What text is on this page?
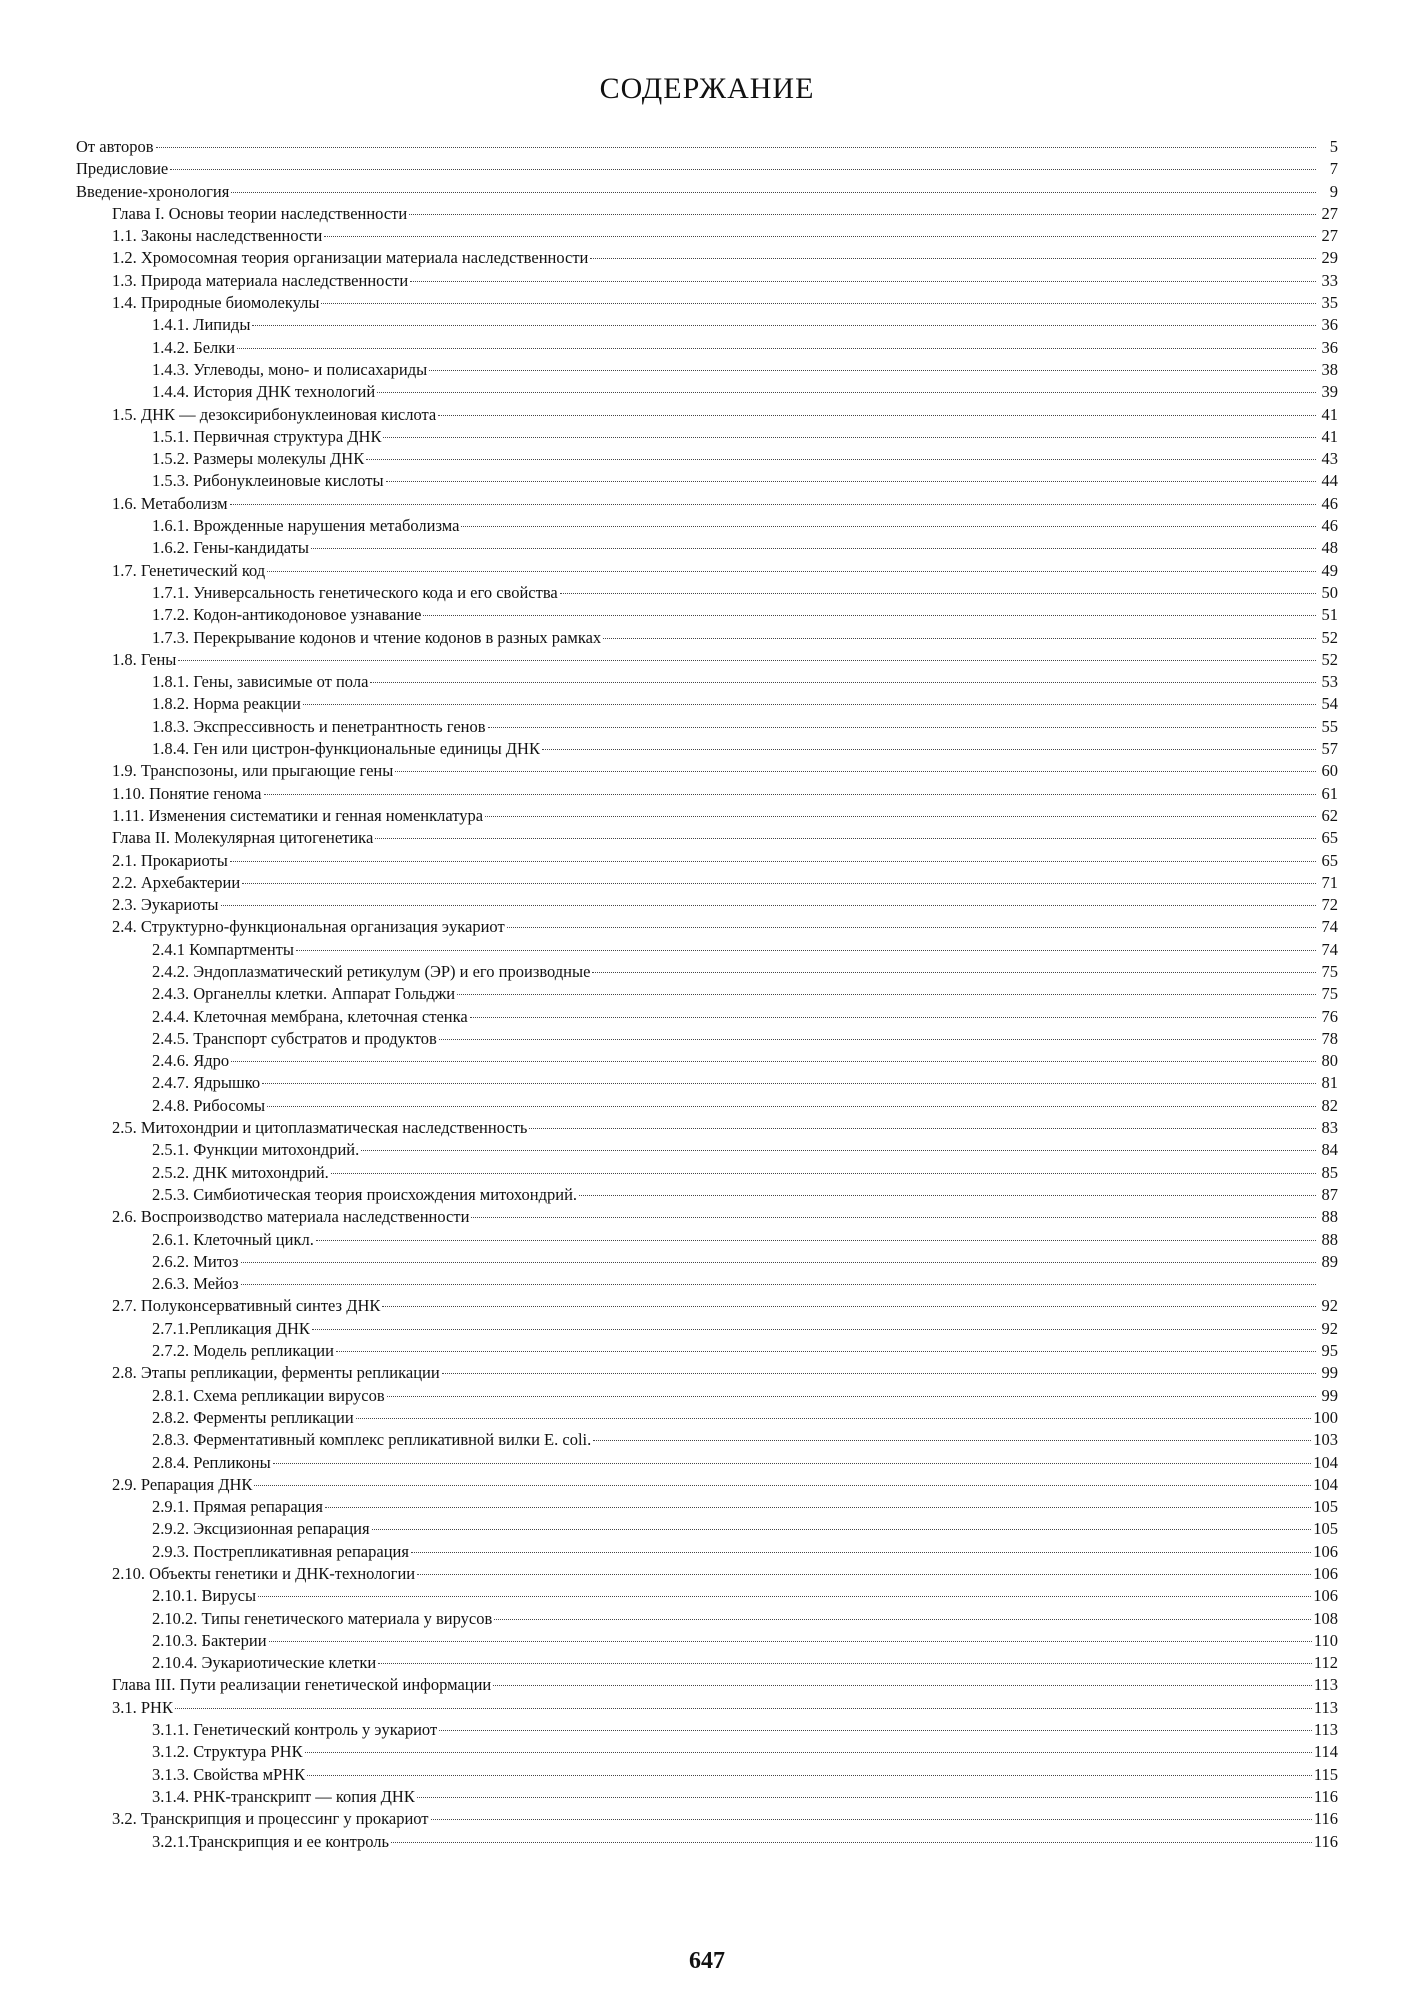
СОДЕРЖАНИЕ
От авторов	5
Предисловие	7
Введение-хронология	9
Глава I. Основы теории наследственности	27
1.1. Законы наследственности	27
1.2. Хромосомная теория организации материала наследственности	29
1.3. Природа материала наследственности	33
1.4. Природные биомолекулы	35
1.4.1. Липиды	36
1.4.2. Белки	36
1.4.3. Углеводы, моно- и полисахариды	38
1.4.4. История ДНК технологий	39
1.5. ДНК — дезоксирибонуклеиновая кислота	41
1.5.1. Первичная структура ДНК	41
1.5.2. Размеры молекулы ДНК	43
1.5.3. Рибонуклеиновые кислоты	44
1.6. Метаболизм	46
1.6.1. Врожденные нарушения метаболизма	46
1.6.2. Гены-кандидаты	48
1.7. Генетический код	49
1.7.1. Универсальность генетического кода и его свойства	50
1.7.2. Кодон-антикодоновое узнавание	51
1.7.3. Перекрывание кодонов и чтение кодонов в разных рамках	52
1.8. Гены	52
1.8.1. Гены, зависимые от пола	53
1.8.2. Норма реакции	54
1.8.3. Экспрессивность и пенетрантность генов	55
1.8.4. Ген или цистрон-функциональные единицы ДНК	57
1.9. Транспозоны, или прыгающие гены	60
1.10. Понятие генома	61
1.11. Изменения систематики и генная номенклатура	62
Глава II. Молекулярная цитогенетика	65
2.1. Прокариоты	65
2.2. Архебактерии	71
2.3. Эукариоты	72
2.4. Структурно-функциональная организация эукариот	74
2.4.1 Компартменты	74
2.4.2. Эндоплазматический ретикулум (ЭР) и его производные	75
2.4.3. Органеллы клетки. Аппарат Гольджи	75
2.4.4. Клеточная мембрана, клеточная стенка	76
2.4.5. Транспорт субстратов и продуктов	78
2.4.6. Ядро	80
2.4.7. Ядрышко	81
2.4.8. Рибосомы	82
2.5. Митохондрии и цитоплазматическая наследственность	83
2.5.1. Функции митохондрий.	84
2.5.2. ДНК митохондрий.	85
2.5.3. Симбиотическая теория происхождения митохондрий.	87
2.6. Воспроизводство материала наследственности	88
2.6.1. Клеточный цикл.	88
2.6.2. Митоз	89
2.6.3. Мейоз
2.7. Полуконсервативный синтез ДНК	92
2.7.1.Репликация ДНК	92
2.7.2. Модель репликации	95
2.8. Этапы репликации, ферменты репликации	99
2.8.1. Схема репликации вирусов	99
2.8.2. Ферменты репликации	100
2.8.3. Ферментативный комплекс репликативной вилки E. coli.	103
2.8.4. Репликоны	104
2.9. Репарация ДНК	104
2.9.1. Прямая репарация	105
2.9.2. Эксцизионная репарация	105
2.9.3. Пострепликативная репарация	106
2.10. Объекты генетики и ДНК-технологии	106
2.10.1. Вирусы	106
2.10.2. Типы генетического материала у вирусов	108
2.10.3. Бактерии	110
2.10.4. Эукариотические клетки	112
Глава III. Пути реализации генетической информации	113
3.1. РНК	113
3.1.1. Генетический контроль у эукариот	113
3.1.2. Структура РНК	114
3.1.3. Свойства мРНК	115
3.1.4. РНК-транскрипт — копия ДНК	116
3.2. Транскрипция и процессинг у прокариот	116
3.2.1.Транскрипция и ее контроль	116
647
